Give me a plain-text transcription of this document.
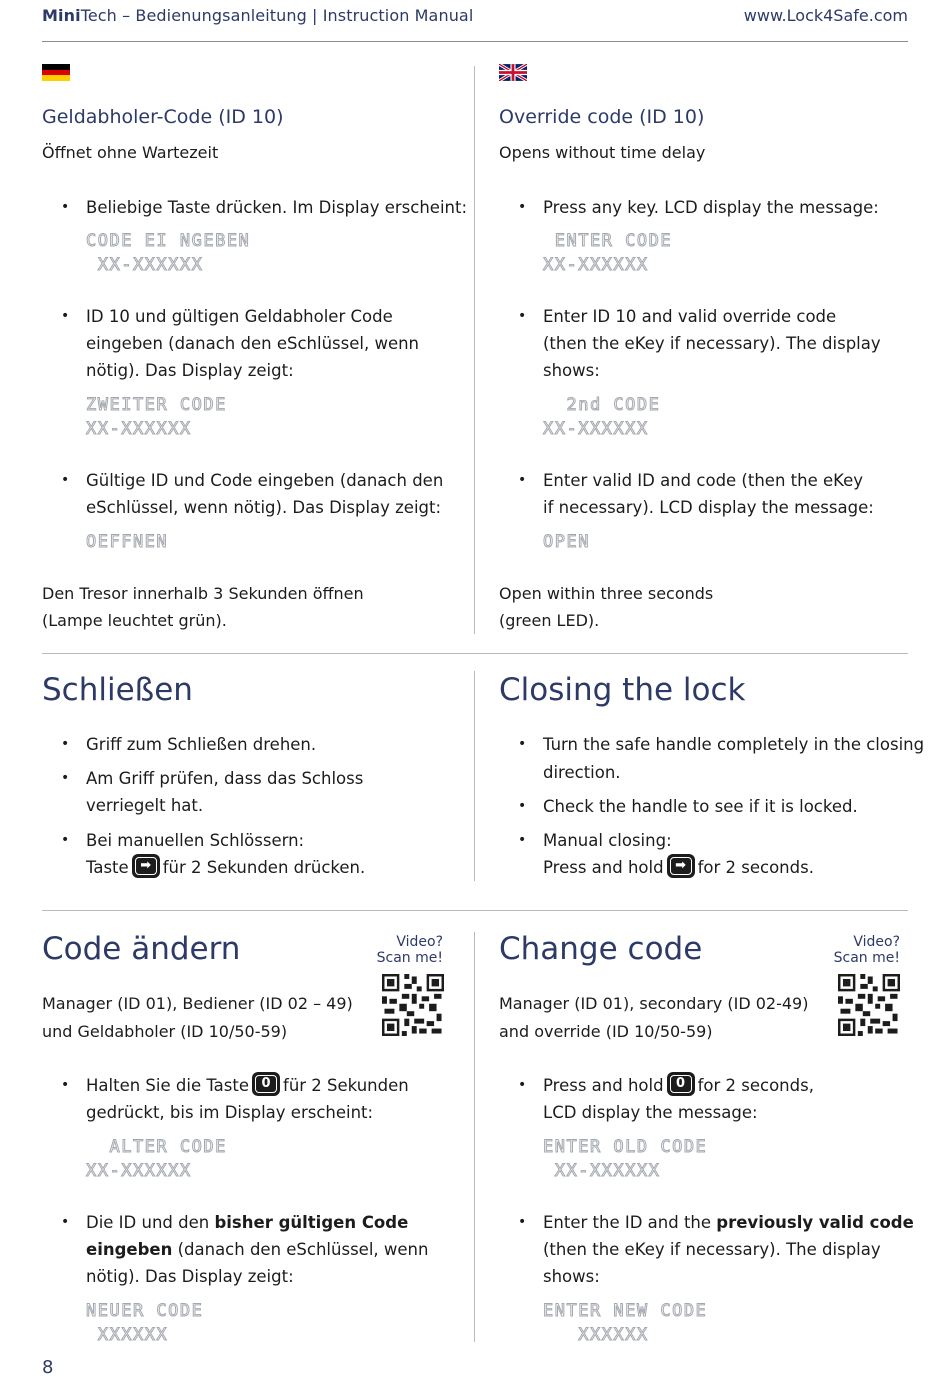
MiniTech – Bedienungsanleitung | Instruction Manual	www.Lock4Safe.com
Geldabholer-Code (ID 10)
Öffnet ohne Wartezeit
• Beliebige Taste drücken. Im Display erscheint:
CODE EI NGEBEN
XX-XXXXXX
• ID 10 und gültigen Geldabholer Code
eingeben (danach den eSchlüssel, wenn
nötig). Das Display zeigt:
ZWEITER CODE
XX-XXXXXX
• Gültige ID und Code eingeben (danach den
eSchlüssel, wenn nötig). Das Display zeigt:
OEFFNEN
Den Tresor innerhalb 3 Sekunden öffnen
(Lampe leuchtet grün).
Override code (ID 10)
Opens without time delay
• Press any key. LCD display the message:
ENTER CODE
XX-XXXXXX
• Enter ID 10 and valid override code
(then the eKey if necessary). The display
shows:
2nd CODE
XX-XXXXXX
• Enter valid ID and code (then the eKey
if necessary). LCD display the message:
OPEN
Open within three seconds
(green LED).
Schließen
• Griff zum Schließen drehen.
• Am Griff prüfen, dass das Schloss
verriegelt hat.
• Bei manuellen Schlössern:
Taste ➡ für 2 Sekunden drücken.
Closing the lock
• Turn the safe handle completely in the closing
direction.
• Check the handle to see if it is locked.
• Manual closing:
Press and hold ➡ for 2 seconds.
Code ändern	Video?
Scan me!
Manager (ID 01), Bediener (ID 02 – 49)
und Geldabholer (ID 10/50-59)
• Halten Sie die Taste 0 für 2 Sekunden
gedrückt, bis im Display erscheint:
ALTER CODE
XX-XXXXXX
• Die ID und den bisher gültigen Code
eingeben (danach den eSchlüssel, wenn
nötig). Das Display zeigt:
NEUER CODE
XXXXXX
Change code	Video?
Scan me!
Manager (ID 01), secondary (ID 02-49)
and override (ID 10/50-59)
• Press and hold 0 for 2 seconds,
LCD display the message:
ENTER OLD CODE
XX-XXXXXX
• Enter the ID and the previously valid code
(then the eKey if necessary). The display
shows:
ENTER NEW CODE
XXXXXX
8
